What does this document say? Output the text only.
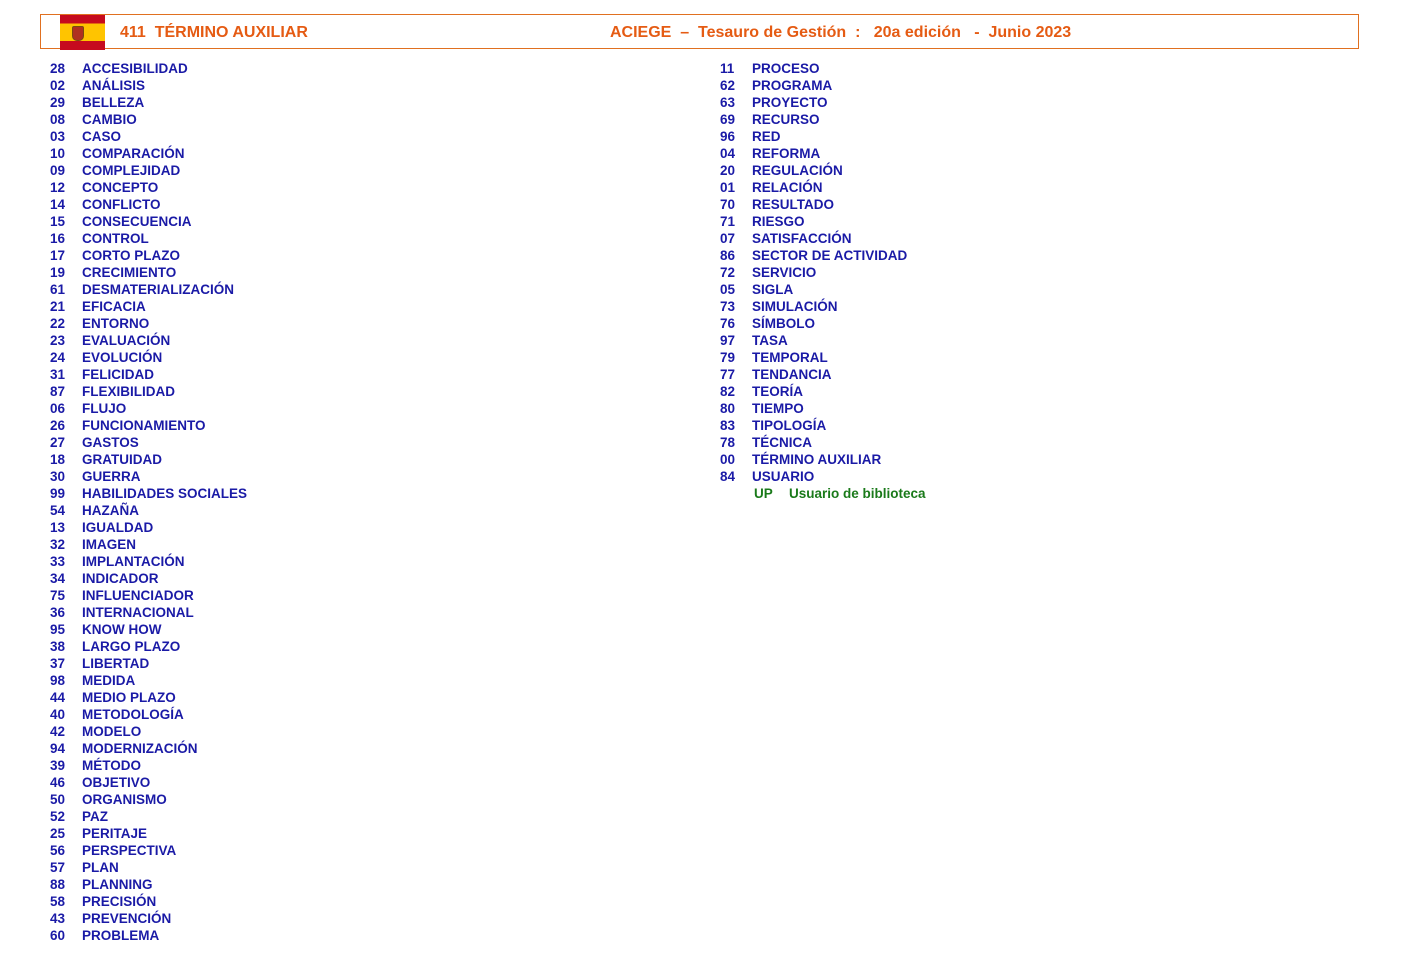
411  TÉRMINO AUXILIAR	ACIEGE  –  Tesauro de Gestión  :   20a edición   -  Junio 2023
28 ACCESIBILIDAD
02 ANÁLISIS
29 BELLEZA
08 CAMBIO
03 CASO
10 COMPARACIÓN
09 COMPLEJIDAD
12 CONCEPTO
14 CONFLICTO
15 CONSECUENCIA
16 CONTROL
17 CORTO PLAZO
19 CRECIMIENTO
61 DESMATERIALIZACIÓN
21 EFICACIA
22 ENTORNO
23 EVALUACIÓN
24 EVOLUCIÓN
31 FELICIDAD
87 FLEXIBILIDAD
06 FLUJO
26 FUNCIONAMIENTO
27 GASTOS
18 GRATUIDAD
30 GUERRA
99 HABILIDADES SOCIALES
54 HAZAÑA
13 IGUALDAD
32 IMAGEN
33 IMPLANTACIÓN
34 INDICADOR
75 INFLUENCIADOR
36 INTERNACIONAL
95 KNOW HOW
38 LARGO PLAZO
37 LIBERTAD
98 MEDIDA
44 MEDIO PLAZO
40 METODOLOGÍA
42 MODELO
94 MODERNIZACIÓN
39 MÉTODO
46 OBJETIVO
50 ORGANISMO
52 PAZ
25 PERITAJE
56 PERSPECTIVA
57 PLAN
88 PLANNING
58 PRECISIÓN
43 PREVENCIÓN
60 PROBLEMA
11 PROCESO
62 PROGRAMA
63 PROYECTO
69 RECURSO
96 RED
04 REFORMA
20 REGULACIÓN
01 RELACIÓN
70 RESULTADO
71 RIESGO
07 SATISFACCIÓN
86 SECTOR DE ACTIVIDAD
72 SERVICIO
05 SIGLA
73 SIMULACIÓN
76 SÍMBOLO
97 TASA
79 TEMPORAL
77 TENDANCIA
82 TEORÍA
80 TIEMPO
83 TIPOLOGÍA
78 TÉCNICA
00 TÉRMINO AUXILIAR
84 USUARIO
UP Usuario de biblioteca
